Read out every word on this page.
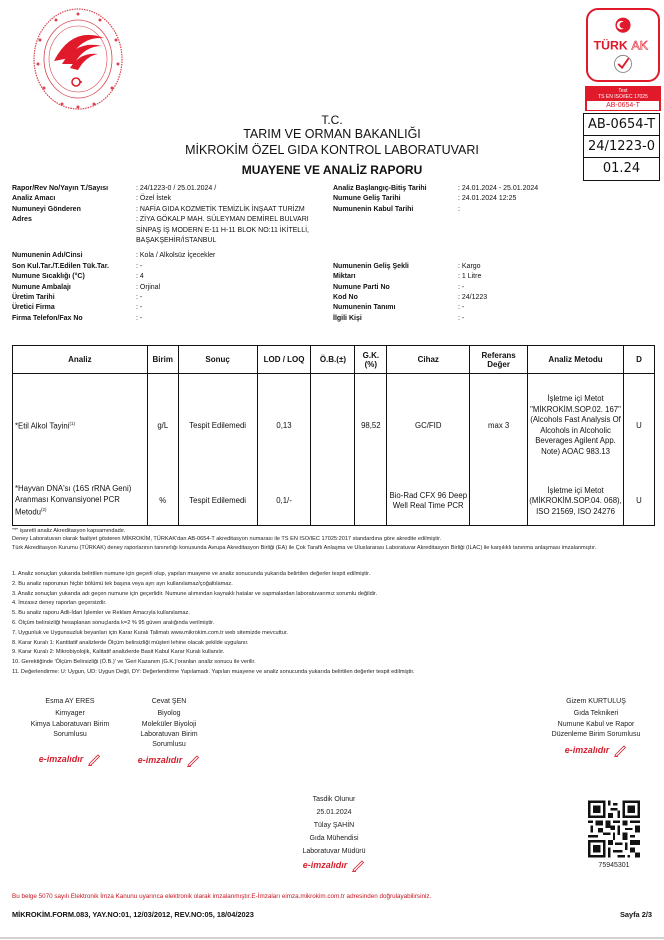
TÜRK AK
Test
TS EN ISO/IEC 17025
AB-0654-T
AB-0654-T
24/1223-0
01.24
T.C.
TARIM VE ORMAN BAKANLIĞI
MİKROKİM ÖZEL GIDA KONTROL LABORATUVARI
MUAYENE VE ANALİZ RAPORU
Rapor/Rev No/Yayın T./Sayısı	: 24/1223-0 / 25.01.2024 /
Analiz Amacı	: Özel İstek
Numuneyi Gönderen	: NAFİA GIDA KOZMETİK TEMİZLİK İNŞAAT TURİZM
Adres	: ZİYA GÖKALP MAH. SÜLEYMAN DEMİREL BULVARI SİNPAŞ İŞ MODERN E-11 H-11 BLOK NO:11 İKİTELLİ, BAŞAKŞEHİR/İSTANBUL
Numunenin Adı/Cinsi	: Kola / Alkolsüz İçecekler
Son Kul.Tar./T.Edilen Tük.Tar.	: -
Numune Sıcaklığı (°C)	: 4
Numune Ambalajı	: Orjinal
Üretim Tarihi	: -
Üretici Firma	: -
Firma Telefon/Fax No	: -
Analiz Başlangıç-Bitiş Tarihi	: 24.01.2024 - 25.01.2024
Numune Geliş Tarihi	: 24.01.2024 12:25
Numunenin Kabul Tarihi	:
Numunenin Geliş Şekli	: Kargo
Miktarı	: 1 Litre
Numune Parti No	: -
Kod No	: 24/1223
Numunenin Tanımı	: -
İlgili Kişi	: -
Analiz	Birim	Sonuç	LOD / LOQ	Ö.B.(±)	G.K. (%)	Cihaz	Referans Değer	Analiz Metodu	D
*Etil Alkol Tayini$^{(1)}$	g/L	Tespit Edilemedi	0,13		98,52	GC/FID	max 3	İşletme içi Metot "MİKROKİM.SOP.02. 167" (Alcohols Fast Analysis Of Alcohols in Alcoholic Beverages Agilent App. Note) AOAC 983.13	U
*Hayvan DNA'sı (16S rRNA Geni) Aranması Konvansiyonel PCR Metodu$^{(2)}$	%	Tespit Edilemedi	0,1/-			Bio-Rad CFX 96 Deep Well Real Time PCR		İşletme içi Metot (MİKROKİM.SOP.04. 068), ISO 21569, ISO 24276	U
"*" işaretli analiz Akreditasyon kapsamındadır.
Deney Laboratuvarı olarak faaliyet gösteren MİKROKİM, TÜRKAK'dan AB-0654-T akreditasyon numarası ile TS EN ISO/IEC 17025:2017 standardına göre akredite edilmiştir.
Türk Akreditasyon Kurumu (TÜRKAK) deney raporlarının tanınırlığı konusunda Avrupa Akreditasyon Birliği (EA) ile Çok Taraflı Anlaşma ve Uluslararası Laboratuvar Akreditasyon Birliği (ILAC) ile karşılıklı tanınma anlaşması imzalanmıştır.
1. Analiz sonuçları yukarıda belirtilen numune için geçerli olup, yapılan muayene ve analiz sonucunda yukarıda belirtilen değerler tespit edilmiştir.
2. Bu analiz raporunun hiçbir bölümü tek başına veya ayrı ayrı kullanılamaz/çoğaltılamaz.
3. Analiz sonuçları yukarıda adı geçen numune için geçerlidir. Numune alımından kaynaklı hatalar ve sapmalardan laboratuvarımız sorumlu değildir.
4. İmzasız deney raporları geçersizdir.
5. Bu analiz raporu Adli-İdari İşlemler ve Reklam Amacıyla kullanılamaz.
6. Ölçüm belirsizliği hesaplanan sonuçlarda k=2 % 95 güven aralığında verilmiştir.
7. Uygunluk ve Uygunsuzluk beyanları için Karar Kuralı Talimatı www.mikrokim.com.tr web sitemizde mevcuttur.
8. Karar Kuralı 1: Kantitatif analizlerde Ölçüm belirsizliği müşteri lehine olacak şekilde uygulanır.
9. Karar Kuralı 2: Mikrobiyolojik, Kalitatif analizlerde Basit Kabul Karar Kuralı kullanılır.
10. Gerektiğinde 'Ölçüm Belirsizliği (Ö.B.)' ve 'Geri Kazanım (G.K.)'oranları analiz sonucu ile verilir.
11. Değerlendirme: U: Uygun, UD: Uygun Değil, DY: Değerlendirme Yapılamadı. Yapılan muayene ve analiz sonucunda yukarıda belirtilen değerler tespit edilmiştir.
Esma AY ERES
Kimyager
Kimya Laboratuvarı Birim Sorumlusu
e-imzalıdır
Cevat ŞEN
Biyolog
Moleküler Biyoloji Laboratuvarı Birim Sorumlusu
e-imzalıdır
Gizem KURTULUŞ
Gıda Teknikeri
Numune Kabul ve Rapor Düzenleme Birim Sorumlusu
e-imzalıdır
Tasdik Olunur
25.01.2024
Tülay ŞAHİN
Gıda Mühendisi
Laboratuvar Müdürü
e-imzalıdır	75945301
Bu belge 5070 sayılı Elektronik İmza Kanunu uyarınca elektronik olarak imzalanmıştır.E-İmzaları eimza.mikrokim.com.tr adresinden doğrulayabilirsiniz.
MİKROKİM.FORM.083, YAY.NO:01, 12/03/2012, REV.NO:05, 18/04/2023	Sayfa 2/3
